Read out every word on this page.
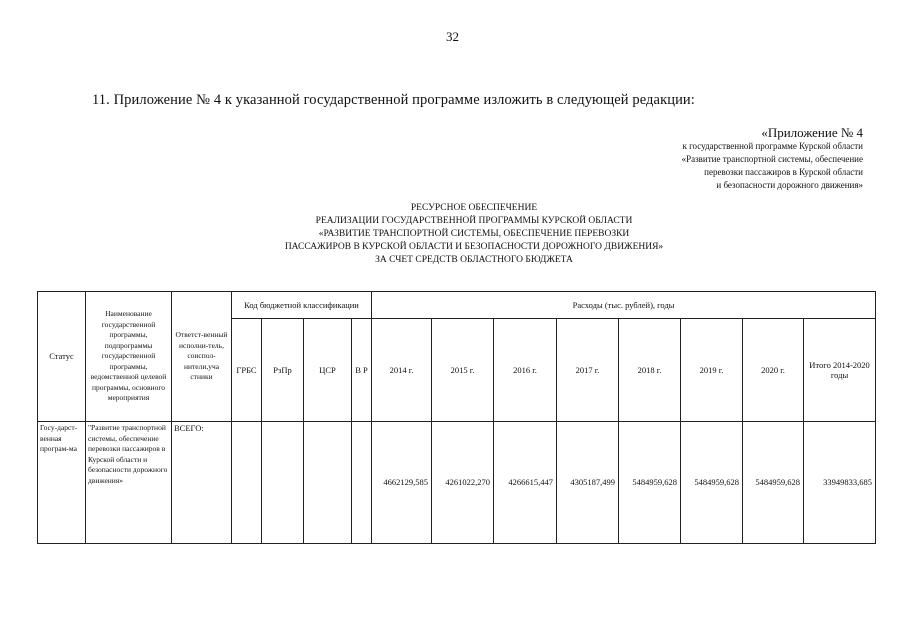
32
11. Приложение № 4 к указанной государственной программе изложить в следующей редакции:
«Приложение № 4
к государственной программе Курской области
«Развитие транспортной системы, обеспечение
перевозки пассажиров в Курской области
и безопасности дорожного движения»
РЕСУРСНОЕ ОБЕСПЕЧЕНИЕ
РЕАЛИЗАЦИИ ГОСУДАРСТВЕННОЙ ПРОГРАММЫ КУРСКОЙ ОБЛАСТИ
«РАЗВИТИЕ ТРАНСПОРТНОЙ СИСТЕМЫ, ОБЕСПЕЧЕНИЕ ПЕРЕВОЗКИ
ПАССАЖИРОВ В КУРСКОЙ ОБЛАСТИ И БЕЗОПАСНОСТИ ДОРОЖНОГО ДВИЖЕНИЯ»
ЗА СЧЕТ СРЕДСТВ ОБЛАСТНОГО БЮДЖЕТА
Статус	Наименование государственной программы, подпрограммы государственной программы, ведомственной целевой программы, основного мероприятия	Ответст-венный исполни-тель, соиспол-нители,уча стники	Код бюджетной классификации				Расходы (тыс. рублей), годы							
			ГРБС	РзПр	ЦСР	В Р	2014 г.	2015 г.	2016 г.	2017 г.	2018 г.	2019 г.	2020 г.	Итого 2014-2020 годы
Госу-дарст-венная програм-ма	"Развитие транспортной системы, обеспечение перевозки пассажиров в Курской области и безопасности дорожного движения»	ВСЕГО:					4662129,585	4261022,270	4266615,447	4305187,499	5484959,628	5484959,628	5484959,628	33949833,685
